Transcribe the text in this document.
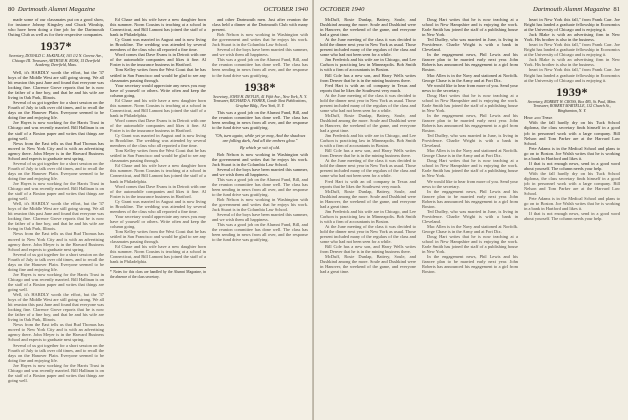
80 Dartmouth Alumni Magazine	OCTOBER 1940

made some of our classmates put on a good show, for instance Johnny Kingsley and Chuck Winship, who have been doing a fine job for the Dartmouth Outing Club as well as for their respective companies.

1937*

Secretary, DONALD C. McKINLAY, 103 1/2 N. Greene Ave., Chicago III. Treasurer, ARTHUR H. ROSS, 15 Deerfield Academy, Deerfield, Mass.

Well, it's HARDLY worth the effort, but the '37 boys of the Middle West are still going strong. We all hit reunion this past June and found that everyone was looking fine. Clarence Grove reports that he is now the father of a fine boy, and that he and his wife are living in Oak Park, Illinois.

Several of us got together for a short session on the Fourth of July to talk over old times, and to recall the days on the Hanover Plain. Everyone seemed to be doing fine and enjoying life.

Joe Hayes is now working for the Harris Trust in Chicago and was recently married. Bill Hallinan is on the staff of a Boston paper and writes that things are going well.

News from the East tells us that Bud Thomas has moved to New York City and is with an advertising agency there. John Meyer is in the Harvard Business School and expects to graduate next spring.

Several of us got together for a short session on the Fourth of July to talk over old times, and to recall the days on the Hanover Plain. Everyone seemed to be doing fine and enjoying life.

Joe Hayes is now working for the Harris Trust in Chicago and was recently married. Bill Hallinan is on the staff of a Boston paper and writes that things are going well.

Well, it's HARDLY worth the effort, but the '37 boys of the Middle West are still going strong. We all hit reunion this past June and found that everyone was looking fine. Clarence Grove reports that he is now the father of a fine boy, and that he and his wife are living in Oak Park, Illinois.

News from the East tells us that Bud Thomas has moved to New York City and is with an advertising agency there. John Meyer is in the Harvard Business School and expects to graduate next spring.

Several of us got together for a short session on the Fourth of July to talk over old times, and to recall the days on the Hanover Plain. Everyone seemed to be doing fine and enjoying life.

Joe Hayes is now working for the Harris Trust in Chicago and was recently married. Bill Hallinan is on the staff of a Boston paper and writes that things are going well.

Well, it's HARDLY worth the effort, but the '37 boys of the Middle West are still going strong. We all hit reunion this past June and found that everyone was looking fine. Clarence Grove reports that he is now the father of a fine boy, and that he and his wife are living in Oak Park, Illinois.

News from the East tells us that Bud Thomas has moved to New York City and is with an advertising agency there. John Meyer is in the Harvard Business School and expects to graduate next spring.

Several of us got together for a short session on the Fourth of July to talk over old times, and to recall the days on the Hanover Plain. Everyone seemed to be doing fine and enjoying life.

Joe Hayes is now working for the Harris Trust in Chicago and was recently married. Bill Hallinan is on the staff of a Boston paper and writes that things are going well.

Ed Chase and his wife have a new daughter born this summer. Norm Cousins is teaching at a school in Connecticut, and Bill Lamont has joined the staff of a bank in Philadelphia.

Cy Grant was married in August and is now living in Brookline. The wedding was attended by several members of the class who all reported a fine time.

Word comes that Dave Evans is in Detroit with one of the automobile companies and likes it fine. Al Foster is in the insurance business in Hartford.

Tom Kelley writes from the West Coast that he has settled in San Francisco and would be glad to see any classmates passing through.

Your secretary would appreciate any news you may have of yourself or others. Write often and keep the column going.

Ed Chase and his wife have a new daughter born this summer. Norm Cousins is teaching at a school in Connecticut, and Bill Lamont has joined the staff of a bank in Philadelphia.

Word comes that Dave Evans is in Detroit with one of the automobile companies and likes it fine. Al Foster is in the insurance business in Hartford.

Cy Grant was married in August and is now living in Brookline. The wedding was attended by several members of the class who all reported a fine time.

Tom Kelley writes from the West Coast that he has settled in San Francisco and would be glad to see any classmates passing through.

Ed Chase and his wife have a new daughter born this summer. Norm Cousins is teaching at a school in Connecticut, and Bill Lamont has joined the staff of a bank in Philadelphia.

Word comes that Dave Evans is in Detroit with one of the automobile companies and likes it fine. Al Foster is in the insurance business in Hartford.

Cy Grant was married in August and is now living in Brookline. The wedding was attended by several members of the class who all reported a fine time.

Your secretary would appreciate any news you may have of yourself or others. Write often and keep the column going.

Tom Kelley writes from the West Coast that he has settled in San Francisco and would be glad to see any classmates passing through.

Ed Chase and his wife have a new daughter born this summer. Norm Cousins is teaching at a school in Connecticut, and Bill Lamont has joined the staff of a bank in Philadelphia.

* Notes for this class are handled by the Alumni Magazine, in the absence of the class secretary.

and other Dartmouth men. Just after reunion the class held a dinner at the Dartmouth Club with many present.

Bob Nelson is now working in Washington with the government and writes that he enjoys his work. Jack Stuart is in the Columbia Law School.

Several of the boys have been married this summer, and we wish them all happiness.

This was a good job on the Alumni Fund, Bill, and the reunion committee has done well. The class has been sending in news from all over, and the response to the fund drive was gratifying.

1938*

Secretary, JOHN H. DEVLIN, 41 Fifth Ave., New York, N. Y. Treasurer, RICHARD A. FISHER, Conde Nast Publications, Graybar Bldg., New York, N. Y.

This was a good job on the Alumni Fund, Bill, and the reunion committee has done well. The class has been sending in news from all over, and the response to the fund drive was gratifying.

"Oh, turn again, while yet ye may, And the shadows are falling dark, And all the embers glow."

By which ye wit of old.

Bob Nelson is now working in Washington with the government and writes that he enjoys his work. Jack Stuart is in the Columbia Law School.

Several of the boys have been married this summer, and we wish them all happiness.

This was a good job on the Alumni Fund, Bill, and the reunion committee has done well. The class has been sending in news from all over, and the response to the fund drive was gratifying.

Bob Nelson is now working in Washington with the government and writes that he enjoys his work. Jack Stuart is in the Columbia Law School.

Several of the boys have been married this summer, and we wish them all happiness.

This was a good job on the Alumni Fund, Bill, and the reunion committee has done well. The class has been sending in news from all over, and the response to the fund drive was gratifying.

OCTOBER 1940	Dartmouth Alumni Magazine 81

McDuff, Rosie Dunlap, Battery, Soule, and Dushkind among the more. Soule and Dushkind were in Hanover, the weekend of the game, and everyone had a great time.

At the June meeting of the class it was decided to hold the dinner next year in New York as usual. Those present included many of the regulars of the class and some who had not been seen for a while.

Jim Frederick and his wife are in Chicago, and Lee Carlson is practicing law in Minneapolis. Bob Smith is with a firm of accountants in Boston.

Bill Cole has a new son, and Harry Wells writes from Denver that he is in the mining business there.

Fred Hart is with an oil company in Texas and reports that he likes the Southwest very much.

At the June meeting of the class it was decided to hold the dinner next year in New York as usual. Those present included many of the regulars of the class and some who had not been seen for a while.

McDuff, Rosie Dunlap, Battery, Soule, and Dushkind among the more. Soule and Dushkind were in Hanover, the weekend of the game, and everyone had a great time.

Jim Frederick and his wife are in Chicago, and Lee Carlson is practicing law in Minneapolis. Bob Smith is with a firm of accountants in Boston.

Bill Cole has a new son, and Harry Wells writes from Denver that he is in the mining business there.

At the June meeting of the class it was decided to hold the dinner next year in New York as usual. Those present included many of the regulars of the class and some who had not been seen for a while.

Fred Hart is with an oil company in Texas and reports that he likes the Southwest very much.

McDuff, Rosie Dunlap, Battery, Soule, and Dushkind among the more. Soule and Dushkind were in Hanover, the weekend of the game, and everyone had a great time.

Jim Frederick and his wife are in Chicago, and Lee Carlson is practicing law in Minneapolis. Bob Smith is with a firm of accountants in Boston.

At the June meeting of the class it was decided to hold the dinner next year in New York as usual. Those present included many of the regulars of the class and some who had not been seen for a while.

Bill Cole has a new son, and Harry Wells writes from Denver that he is in the mining business there.

McDuff, Rosie Dunlap, Battery, Soule, and Dushkind among the more. Soule and Dushkind were in Hanover, the weekend of the game, and everyone had a great time.

Doug Hart writes that he is now teaching at a school in New Hampshire and is enjoying the work. Earle Smith has joined the staff of a publishing house in New York.

Ted Dudley, who was married in June, is living in Providence. Charlie Wright is with a bank in Cleveland.

In the engagement news, Phil Lewis and his fiancee plan to be married early next year. John Roberts has announced his engagement to a girl from Boston.

Mac Allen is in the Navy and stationed at Norfolk. George Chase is in the Army and at Fort Dix.

We would like to hear from more of you. Send your news to the secretary.

Doug Hart writes that he is now teaching at a school in New Hampshire and is enjoying the work. Earle Smith has joined the staff of a publishing house in New York.

In the engagement news, Phil Lewis and his fiancee plan to be married early next year. John Roberts has announced his engagement to a girl from Boston.

Ted Dudley, who was married in June, is living in Providence. Charlie Wright is with a bank in Cleveland.

Mac Allen is in the Navy and stationed at Norfolk. George Chase is in the Army and at Fort Dix.

Doug Hart writes that he is now teaching at a school in New Hampshire and is enjoying the work. Earle Smith has joined the staff of a publishing house in New York.

We would like to hear from more of you. Send your news to the secretary.

In the engagement news, Phil Lewis and his fiancee plan to be married early next year. John Roberts has announced his engagement to a girl from Boston.

Ted Dudley, who was married in June, is living in Providence. Charlie Wright is with a bank in Cleveland.

Mac Allen is in the Navy and stationed at Norfolk. George Chase is in the Army and at Fort Dix.

Doug Hart writes that he is now teaching at a school in New Hampshire and is enjoying the work. Earle Smith has joined the staff of a publishing house in New York.

In the engagement news, Phil Lewis and his fiancee plan to be married early next year. John Roberts has announced his engagement to a girl from Boston.

heart in New York this fall," from Frank Carr. Joe Bright has landed a graduate fellowship in Economics at the University of Chicago and is enjoying it.

Jack Blake is with an advertising firm in New York. His brother is also in the business.

heart in New York this fall," from Frank Carr. Joe Bright has landed a graduate fellowship in Economics at the University of Chicago and is enjoying it.

Jack Blake is with an advertising firm in New York. His brother is also in the business.

heart in New York this fall," from Frank Carr. Joe Bright has landed a graduate fellowship in Economics at the University of Chicago and is enjoying it.

1939*

Secretary, ROBERT W. CROSS, Box 485, St. Paul, Minn. Treasurer, ROBERT MARTELLE, 132 Church St., Binghamton, N. Y.

Here and There

With the fall hardly dry on his Tuck School diploma, the class secretary finds himself in a good job in personnel work with a large company. Bill Nelson and Tom Parker are at the Harvard Law School.

Pete Adams is in the Medical School and plans to go on to Boston. Joe Walsh writes that he is working in a bank in Hartford and likes it.

If that is not enough news, send in a good word about yourself. The column needs your help.

With the fall hardly dry on his Tuck School diploma, the class secretary finds himself in a good job in personnel work with a large company. Bill Nelson and Tom Parker are at the Harvard Law School.

Pete Adams is in the Medical School and plans to go on to Boston. Joe Walsh writes that he is working in a bank in Hartford and likes it.

If that is not enough news, send in a good word about yourself. The column needs your help.
